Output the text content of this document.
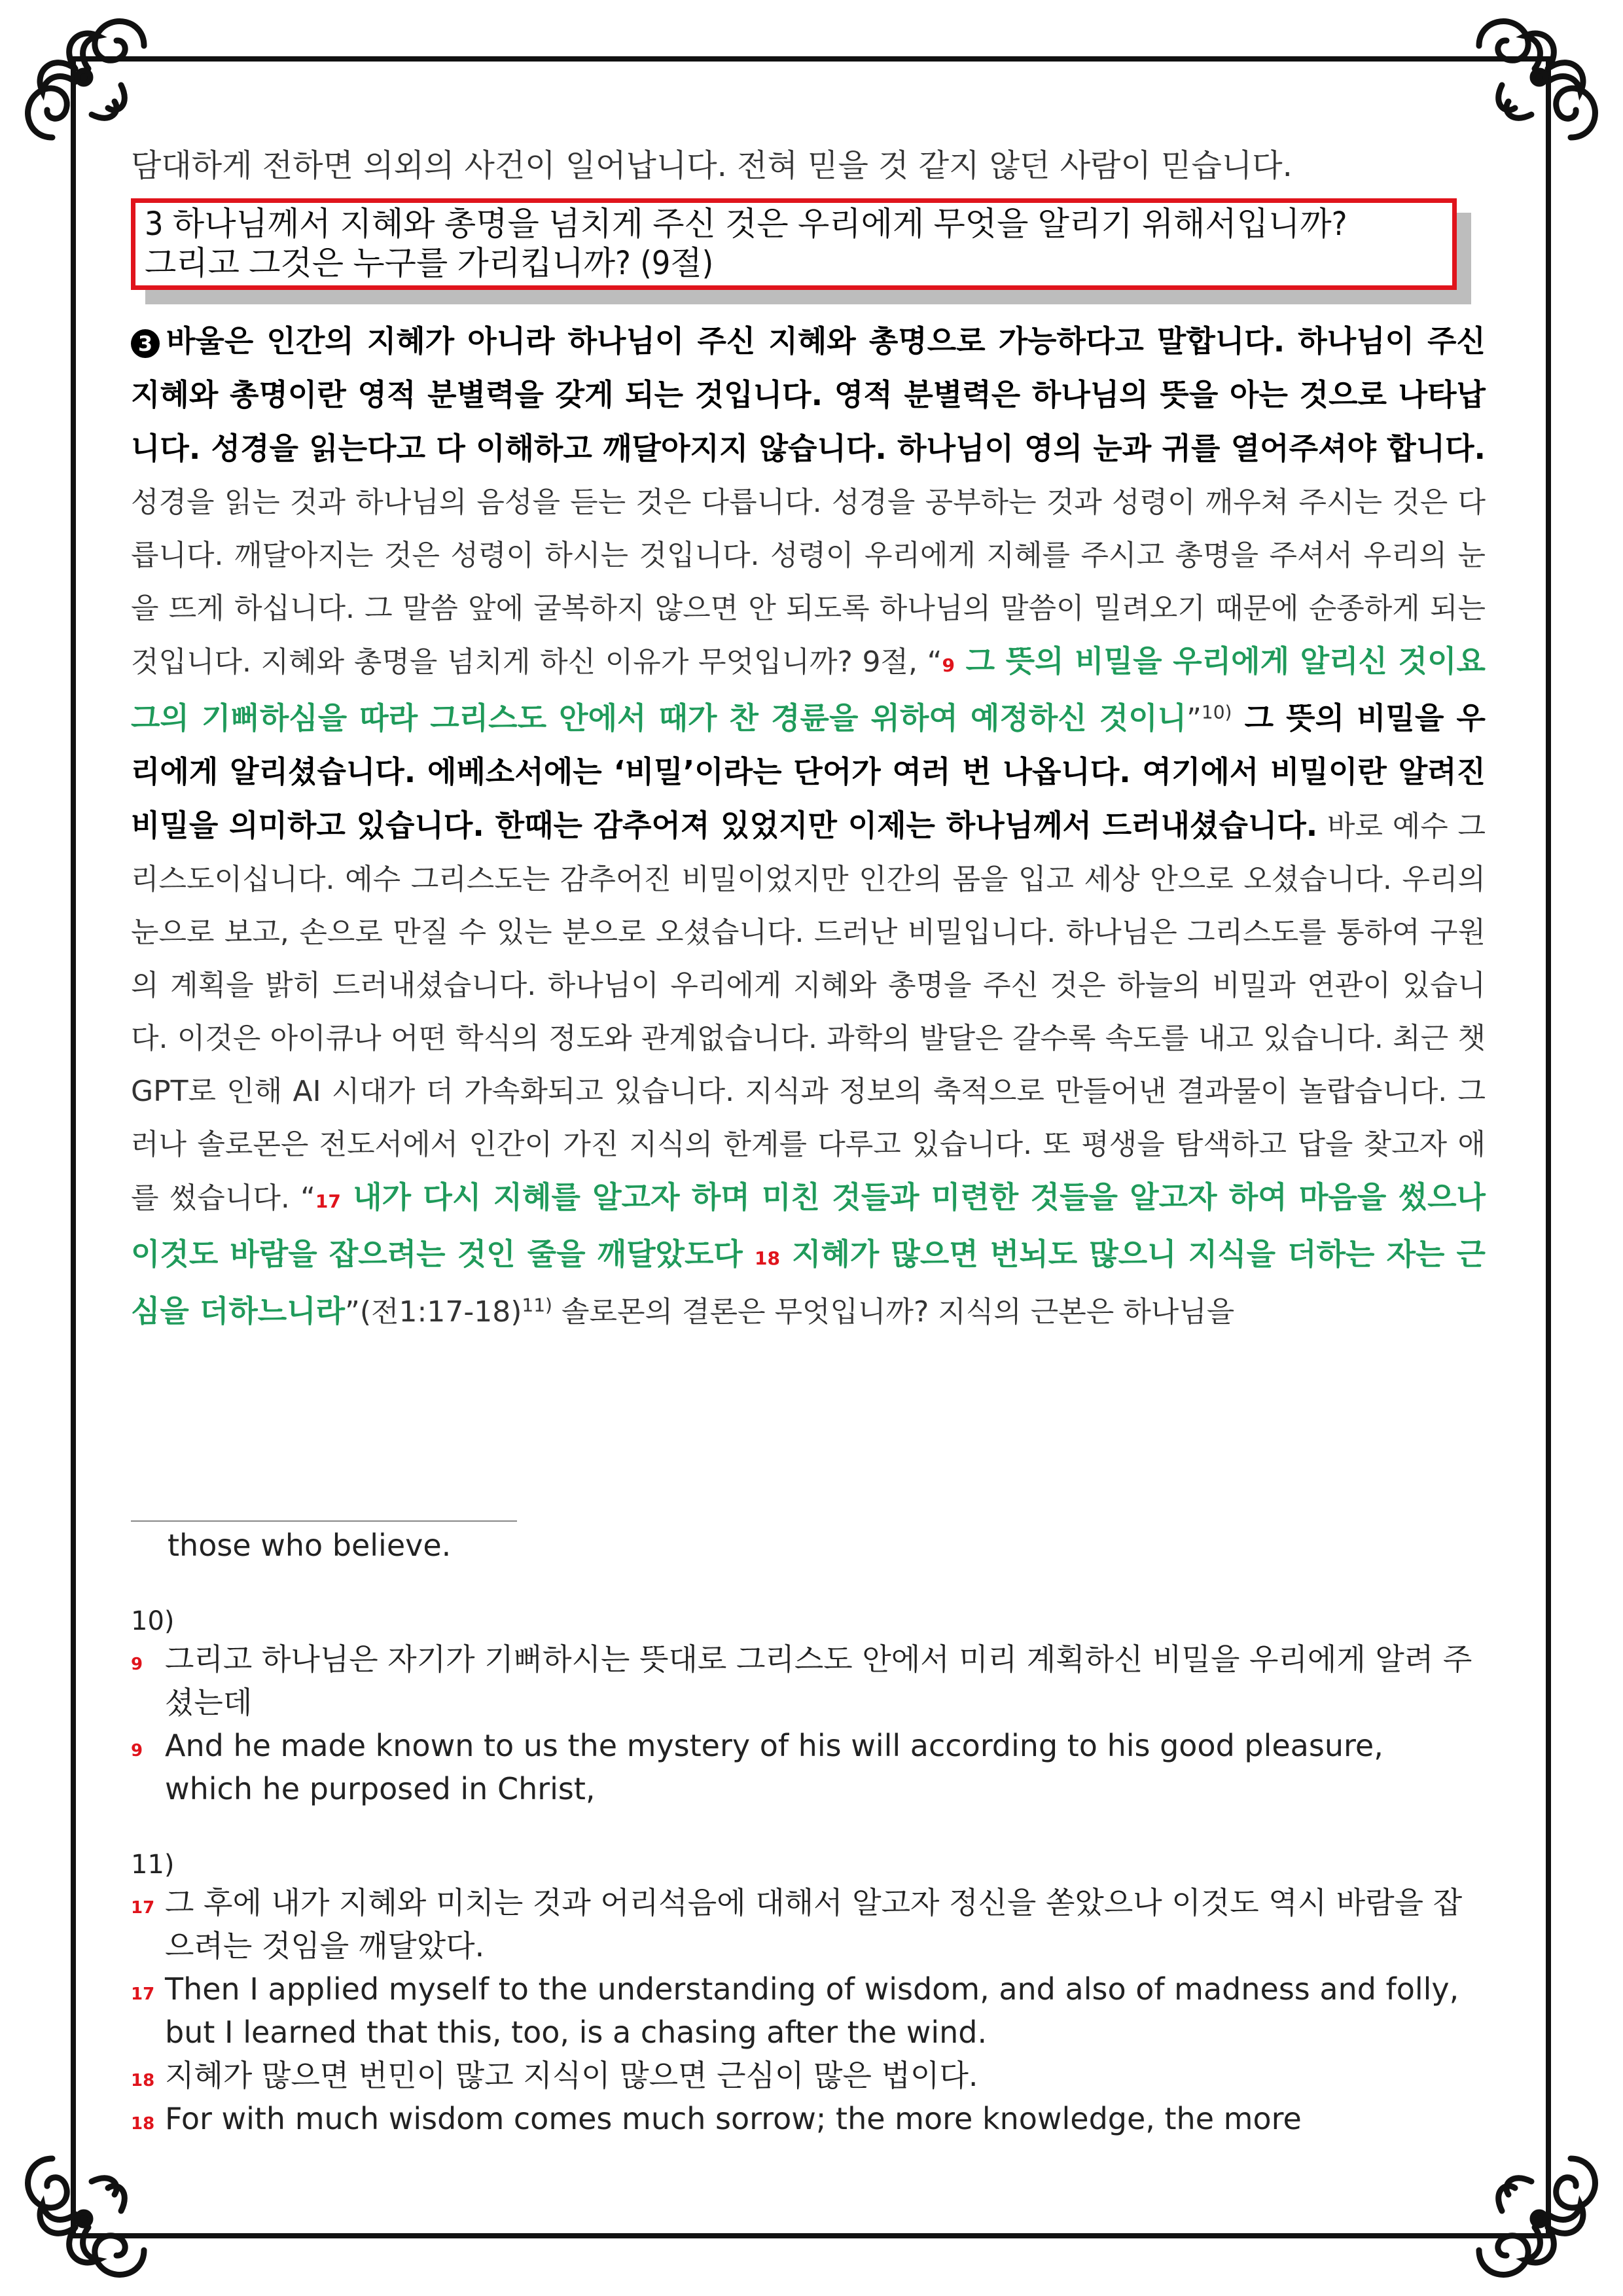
담대하게 전하면 의외의 사건이 일어납니다. 전혀 믿을 것 같지 않던 사람이 믿습니다.

3 하나님께서 지혜와 총명을 넘치게 주신 것은 우리에게 무엇을 알리기 위해서입니까?
그리고 그것은 누구를 가리킵니까? (9절)

3 바울은 인간의 지혜가 아니라 하나님이 주신 지혜와 총명으로 가능하다고 말합니다. 하나님이 주신 지혜와 총명이란 영적 분별력을 갖게 되는 것입니다. 영적 분별력은 하나님의 뜻을 아는 것으로 나타납니다. 성경을 읽는다고 다 이해하고 깨달아지지 않습니다. 하나님이 영의 눈과 귀를 열어주셔야 합니다. 성경을 읽는 것과 하나님의 음성을 듣는 것은 다릅니다. 성경을 공부하는 것과 성령이 깨우쳐 주시는 것은 다릅니다. 깨달아지는 것은 성령이 하시는 것입니다. 성령이 우리에게 지혜를 주시고 총명을 주셔서 우리의 눈을 뜨게 하십니다. 그 말씀 앞에 굴복하지 않으면 안 되도록 하나님의 말씀이 밀려오기 때문에 순종하게 되는 것입니다. 지혜와 총명을 넘치게 하신 이유가 무엇입니까? 9절, “9 그 뜻의 비밀을 우리에게 알리신 것이요 그의 기뻐하심을 따라 그리스도 안에서 때가 찬 경륜을 위하여 예정하신 것이니”$^{10)}$ 그 뜻의 비밀을 우리에게 알리셨습니다. 에베소서에는 ‘비밀’이라는 단어가 여러 번 나옵니다. 여기에서 비밀이란 알려진 비밀을 의미하고 있습니다. 한때는 감추어져 있었지만 이제는 하나님께서 드러내셨습니다. 바로 예수 그리스도이십니다. 예수 그리스도는 감추어진 비밀이었지만 인간의 몸을 입고 세상 안으로 오셨습니다. 우리의 눈으로 보고, 손으로 만질 수 있는 분으로 오셨습니다. 드러난 비밀입니다. 하나님은 그리스도를 통하여 구원의 계획을 밝히 드러내셨습니다. 하나님이 우리에게 지혜와 총명을 주신 것은 하늘의 비밀과 연관이 있습니다. 이것은 아이큐나 어떤 학식의 정도와 관계없습니다. 과학의 발달은 갈수록 속도를 내고 있습니다. 최근 챗GPT로 인해 AI 시대가 더 가속화되고 있습니다. 지식과 정보의 축적으로 만들어낸 결과물이 놀랍습니다. 그러나 솔로몬은 전도서에서 인간이 가진 지식의 한계를 다루고 있습니다. 또 평생을 탐색하고 답을 찾고자 애를 썼습니다. “17 내가 다시 지혜를 알고자 하며 미친 것들과 미련한 것들을 알고자 하여 마음을 썼으나 이것도 바람을 잡으려는 것인 줄을 깨달았도다 18 지혜가 많으면 번뇌도 많으니 지식을 더하는 자는 근심을 더하느니라”(전1:17-18)$^{11)}$ 솔로몬의 결론은 무엇입니까? 지식의 근본은 하나님을

those who believe.
10)
9 그리고 하나님은 자기가 기뻐하시는 뜻대로 그리스도 안에서 미리 계획하신 비밀을 우리에게 알려 주셨는데
9 And he made known to us the mystery of his will according to his good pleasure, which he purposed in Christ,
11)
17 그 후에 내가 지혜와 미치는 것과 어리석음에 대해서 알고자 정신을 쏟았으나 이것도 역시 바람을 잡으려는 것임을 깨달았다.
17 Then I applied myself to the understanding of wisdom, and also of madness and folly, but I learned that this, too, is a chasing after the wind.
18 지혜가 많으면 번민이 많고 지식이 많으면 근심이 많은 법이다.
18 For with much wisdom comes much sorrow; the more knowledge, the more
